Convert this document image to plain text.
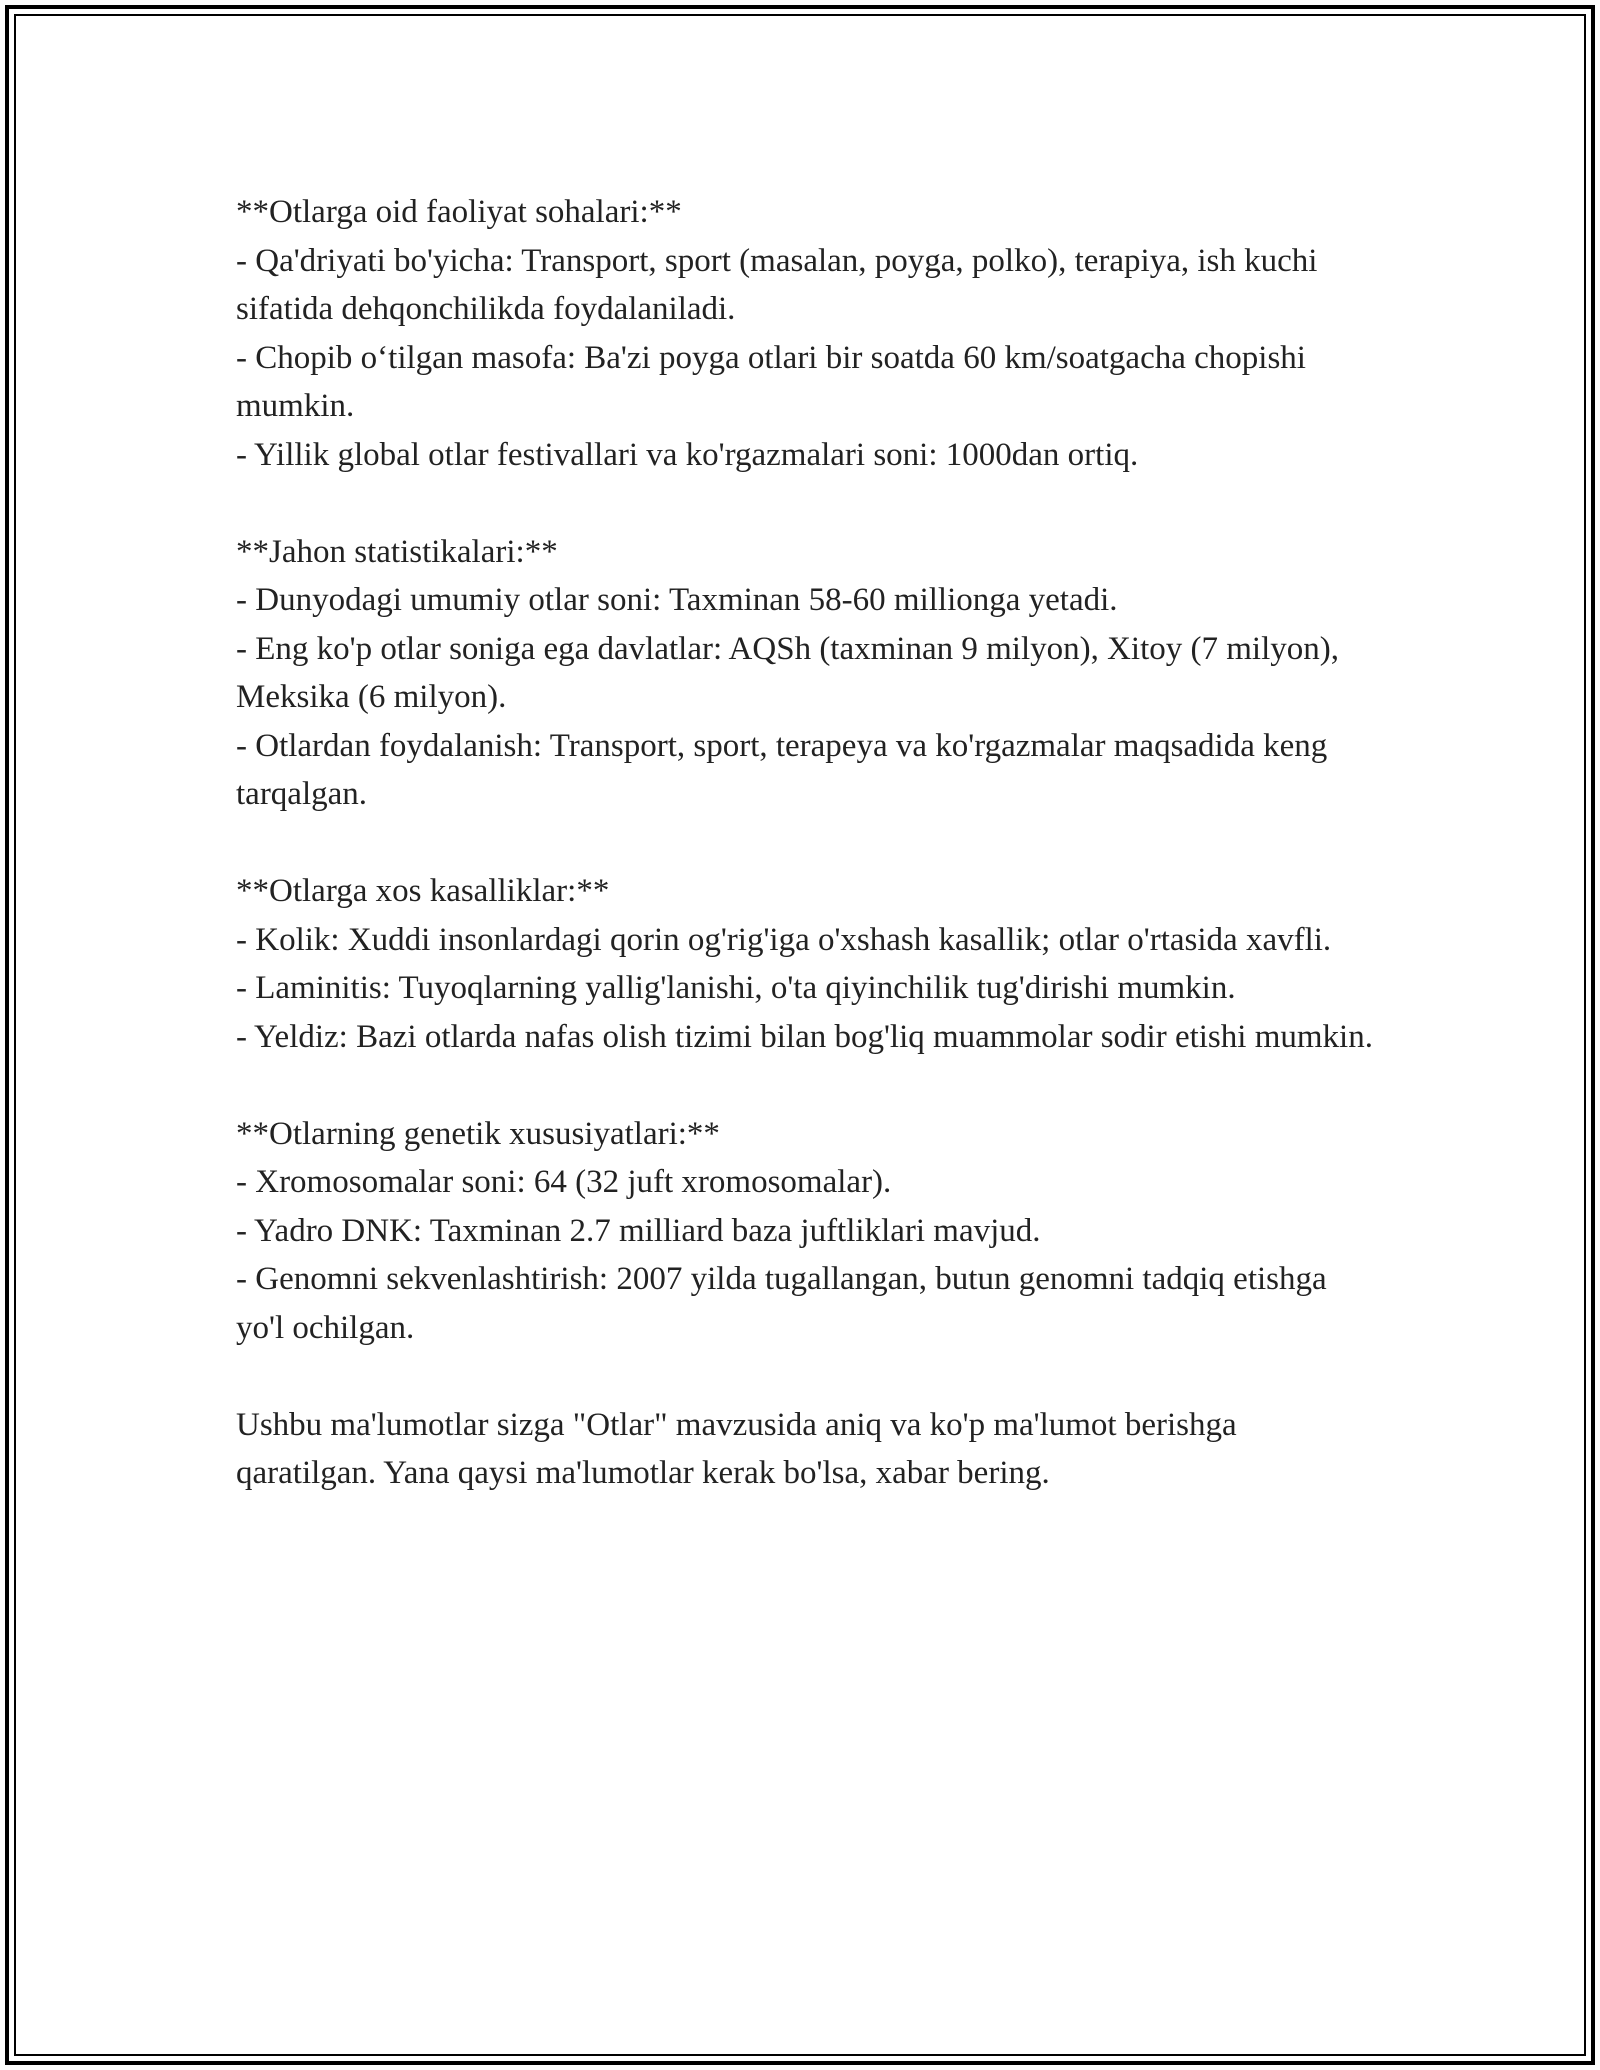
**Otlarga oid faoliyat sohalari:**

- Qa'driyati bo'yicha: Transport, sport (masalan, poyga, polko), terapiya, ish kuchi sifatida dehqonchilikda foydalaniladi.

- Chopib o‘tilgan masofa: Ba'zi poyga otlari bir soatda 60 km/soatgacha chopishi mumkin.

- Yillik global otlar festivallari va ko'rgazmalari soni: 1000dan ortiq.

**Jahon statistikalari:**

- Dunyodagi umumiy otlar soni: Taxminan 58-60 millionga yetadi.

- Eng ko'p otlar soniga ega davlatlar: AQSh (taxminan 9 milyon), Xitoy (7 milyon), Meksika (6 milyon).

- Otlardan foydalanish: Transport, sport, terapeya va ko'rgazmalar maqsadida keng tarqalgan.

**Otlarga xos kasalliklar:**

- Kolik: Xuddi insonlardagi qorin og'rig'iga o'xshash kasallik; otlar o'rtasida xavfli.

- Laminitis: Tuyoqlarning yallig'lanishi, o'ta qiyinchilik tug'dirishi mumkin.

- Yeldiz: Bazi otlarda nafas olish tizimi bilan bog'liq muammolar sodir etishi mumkin.

**Otlarning genetik xususiyatlari:**

- Xromosomalar soni: 64 (32 juft xromosomalar).

- Yadro DNK: Taxminan 2.7 milliard baza juftliklari mavjud.

- Genomni sekvenlashtirish: 2007 yilda tugallangan, butun genomni tadqiq etishga yo'l ochilgan.

Ushbu ma'lumotlar sizga "Otlar" mavzusida aniq va ko'p ma'lumot berishga qaratilgan. Yana qaysi ma'lumotlar kerak bo'lsa, xabar bering.
